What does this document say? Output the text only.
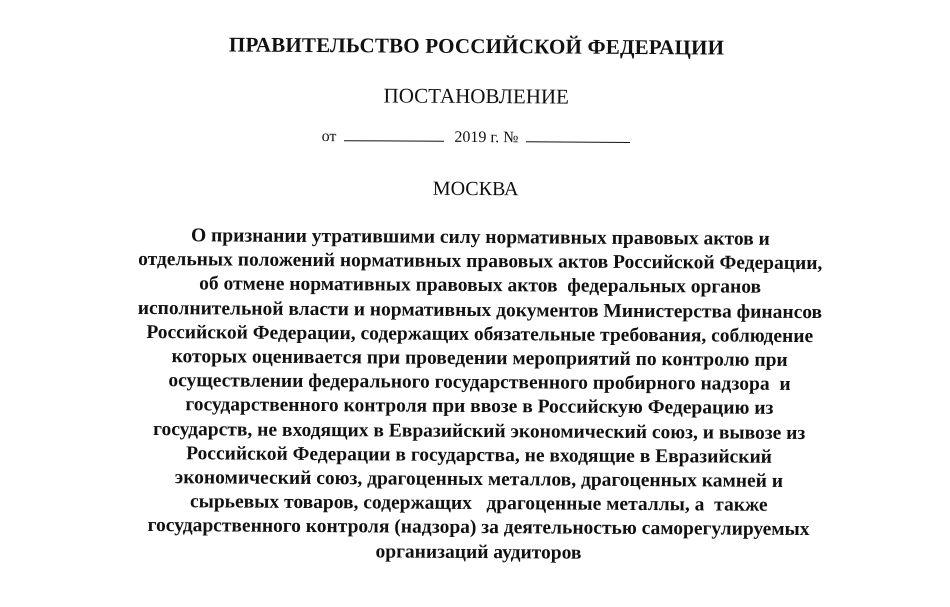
ПРАВИТЕЛЬСТВО РОССИЙСКОЙ ФЕДЕРАЦИИ
ПОСТАНОВЛЕНИЕ
от	2019 г. №
МОСКВА
О признании утратившими силу нормативных правовых актов и
отдельных положений нормативных правовых актов Российской Федерации,
об отмене нормативных правовых актов  федеральных органов
исполнительной власти и нормативных документов Министерства финансов
Российской Федерации, содержащих обязательные требования, соблюдение
которых оценивается при проведении мероприятий по контролю при
осуществлении федерального государственного пробирного надзора  и
государственного контроля при ввозе в Российскую Федерацию из
государств, не входящих в Евразийский экономический союз, и вывозе из
Российской Федерации в государства, не входящие в Евразийский
экономический союз, драгоценных металлов, драгоценных камней и
сырьевых товаров, содержащих   драгоценные металлы, а  также
государственного контроля (надзора) за деятельностью саморегулируемых
организаций аудиторов
